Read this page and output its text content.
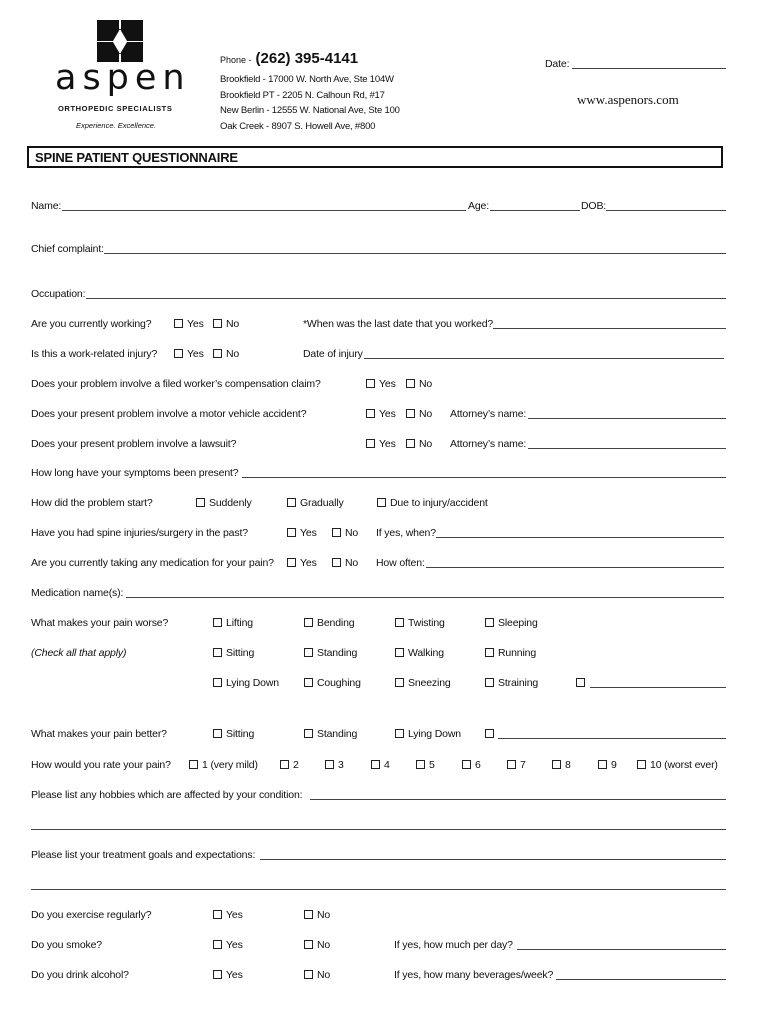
aspen
ORTHOPEDIC SPECIALISTS
Experience. Excellence.
Phone - (262) 395-4141
Brookfield - 17000 W. North Ave, Ste 104W
Brookfield PT - 2205 N. Calhoun Rd, #17
New Berlin - 12555 W. National Ave, Ste 100
Oak Creek - 8907 S. Howell Ave, #800
Date:
www.aspenors.com
SPINE PATIENT QUESTIONNAIRE
Name:	Age:	DOB:
Chief complaint:
Occupation:
Are you currently working?	Yes	No	*When was the last date that you worked?
Is this a work-related injury?	Yes	No	Date of injury
Does your problem involve a filed worker’s compensation claim?	Yes	No
Does your present problem involve a motor vehicle accident?	Yes	No Attorney’s name:
Does your present problem involve a lawsuit?	Yes	No Attorney’s name:
How long have your symptoms been present?
How did the problem start?	Suddenly	Gradually	Due to injury/accident
Have you had spine injuries/surgery in the past?	Yes	No If yes, when?
Are you currently taking any medication for your pain?	Yes	No How often:
Medication name(s):
What makes your pain worse?	Lifting	Bending	Twisting	Sleeping
(Check all that apply)	Sitting	Standing	Walking	Running
Lying Down	Coughing	Sneezing	Straining
What makes your pain better?	Sitting	Standing	Lying Down
How would you rate your pain?	1 (very mild)	2	3	4	5	6	7	8	9	10 (worst ever)
Please list any hobbies which are affected by your condition:
Please list your treatment goals and expectations:
Do you exercise regularly?	Yes	No
Do you smoke?	Yes	No	If yes, how much per day?
Do you drink alcohol?	Yes	No	If yes, how many beverages/week?
